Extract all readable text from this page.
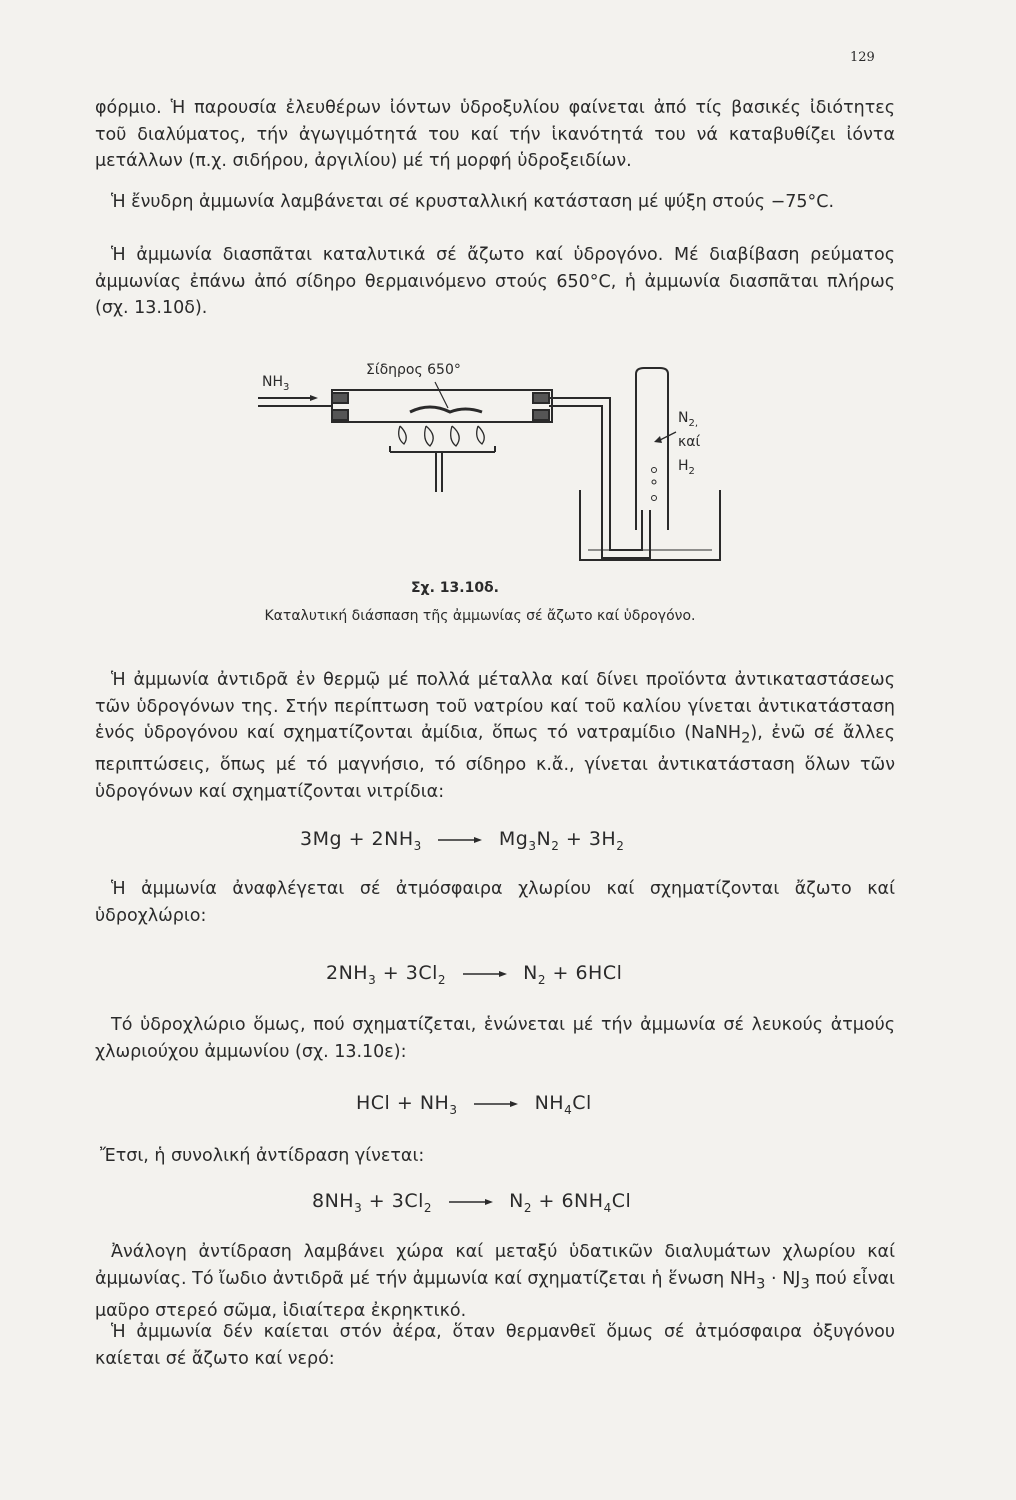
129

φόρμιο. Ἡ παρουσία ἐλευθέρων ἰόντων ὑδροξυλίου φαίνεται ἀπό τίς βασικές ἰδιότητες τοῦ διαλύματος, τήν ἀγωγιμότητά του καί τήν ἱκανότητά του νά καταβυθίζει ἰόντα μετάλλων (π.χ. σιδήρου, ἀργιλίου) μέ τή μορφή ὑδροξειδίων.

Ἡ ἔνυδρη ἀμμωνία λαμβάνεται σέ κρυσταλλική κατάσταση μέ ψύξη στούς −75°C.

Ἡ ἀμμωνία διασπᾶται καταλυτικά σέ ἄζωτο καί ὑδρογόνο. Μέ διαβίβαση ρεύματος ἀμμωνίας ἐπάνω ἀπό σίδηρο θερμαινόμενο στούς 650°C, ἡ ἀμμωνία διασπᾶται πλήρως (σχ. 13.10δ).

$NH_3$
Σίδηρος 650°
$N_{2,}$
καί
$H_2$
Σχ. 13.10δ.
Καταλυτική διάσπαση τῆς ἀμμωνίας σέ ἄζωτο καί ὑδρογόνο.

Ἡ ἀμμωνία ἀντιδρᾶ ἐν θερμῷ μέ πολλά μέταλλα καί δίνει προϊόντα ἀντικαταστάσεως τῶν ὑδρογόνων της. Στήν περίπτωση τοῦ νατρίου καί τοῦ καλίου γίνεται ἀντικατάσταση ἑνός ὑδρογόνου καί σχηματίζονται ἀμίδια, ὅπως τό νατραμίδιο (NaNH$_2$), ἐνῶ σέ ἄλλες περιπτώσεις, ὅπως μέ τό μαγνήσιο, τό σίδηρο κ.ἄ., γίνεται ἀντικατάσταση ὅλων τῶν ὑδρογόνων καί σχηματίζονται νιτρίδια:

$3Mg + 2NH_3 \to Mg_3N_2 + 3H_2$

Ἡ ἀμμωνία ἀναφλέγεται σέ ἀτμόσφαιρα χλωρίου καί σχηματίζονται ἄζωτο καί ὑδροχλώριο:

$2NH_3 + 3Cl_2 \to N_2 + 6HCl$

Τό ὑδροχλώριο ὅμως, πού σχηματίζεται, ἑνώνεται μέ τήν ἀμμωνία σέ λευκούς ἀτμούς χλωριούχου ἀμμωνίου (σχ. 13.10ε):

HCl + $NH_3 \to NH_4Cl$

Ἔτσι, ἡ συνολική ἀντίδραση γίνεται:

$8NH_3 + 3Cl_2 \to N_2 + 6NH_4Cl$

Ἀνάλογη ἀντίδραση λαμβάνει χώρα καί μεταξύ ὑδατικῶν διαλυμάτων χλωρίου καί ἀμμωνίας. Τό ἴωδιο ἀντιδρᾶ μέ τήν ἀμμωνία καί σχηματίζεται ἡ ἕνωση $NH_3 \cdot NJ_3$ πού εἶναι μαῦρο στερεό σῶμα, ἰδιαίτερα ἐκρηκτικό.

Ἡ ἀμμωνία δέν καίεται στόν ἀέρα, ὅταν θερμανθεῖ ὅμως σέ ἀτμόσφαιρα ὀξυγόνου καίεται σέ ἄζωτο καί νερό:
